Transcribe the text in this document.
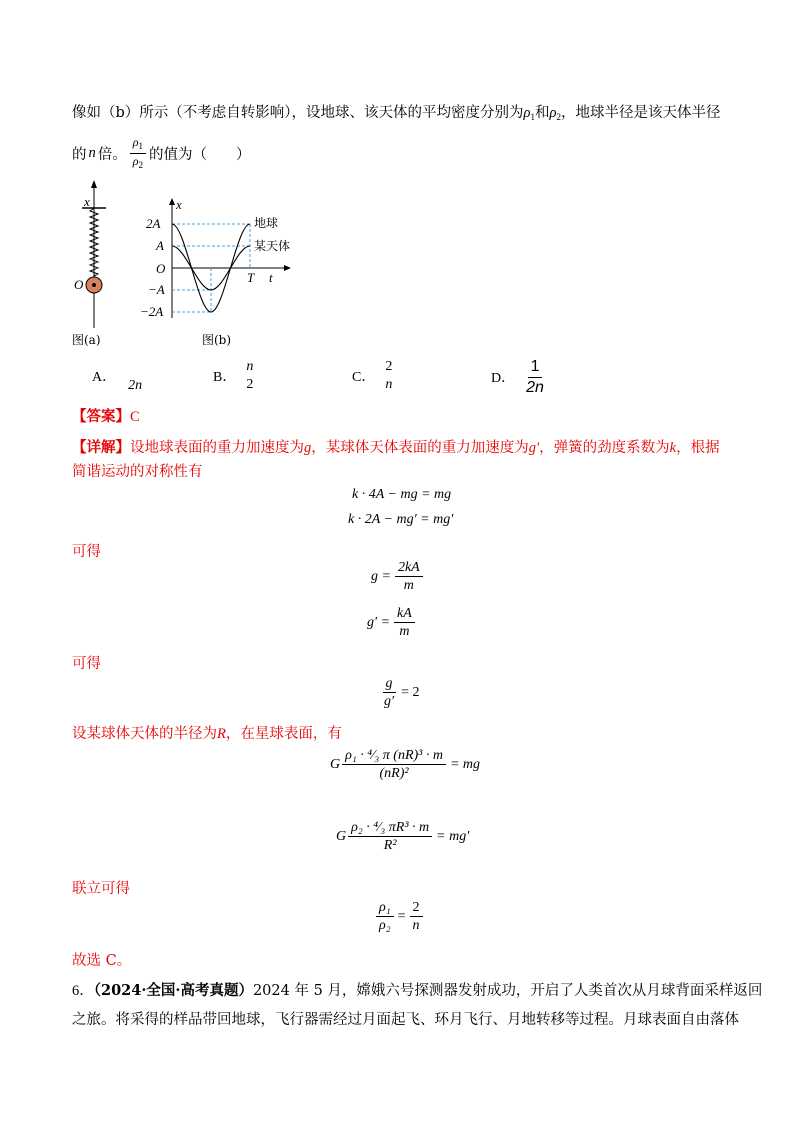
像如（b）所示（不考虑自转影响），设地球、该天体的平均密度分别为$\rho_1$和$\rho_2$，地球半径是该天体半径
的 n 倍。 $\frac{\rho_1}{\rho_2}$ 的值为（　　）
x
O
图(a)
x
t
T
O
2A
A
−A
−2A
地球
某天体
图(b)
A．
2n
B．
n
2	C．
2
n	D． $\frac{1}{2n}$
【答案】C
【详解】设地球表面的重力加速度为g，某球体天体表面的重力加速度为g′，弹簧的劲度系数为k，根据
简谐运动的对称性有
k · 4A − mg = mg
k · 2A − mg′ = mg′
可得
$g = \frac{2kA}{m}$
$g' = \frac{kA}{m}$
可得
$\frac{g}{g'} = 2$
设某球体天体的半径为R，在星球表面，有
G $\frac{\text{ρ₁ · ⁴⁄₃ π (nR)³ · m}}{\text{(nR)²}}$ = mg
G $\frac{\text{ρ₂ · ⁴⁄₃ πR³ · m}}{\text{R²}} = mg'$
联立可得
$\frac{\text{ρ₁}}{\text{ρ₂}} = \frac{2}{n}$
故选 C。
6．（2024·全国·高考真题）2024 年 5 月，嫦娥六号探测器发射成功，开启了人类首次从月球背面采样返回
之旅。将采得的样品带回地球，飞行器需经过月面起飞、环月飞行、月地转移等过程。月球表面自由落体
